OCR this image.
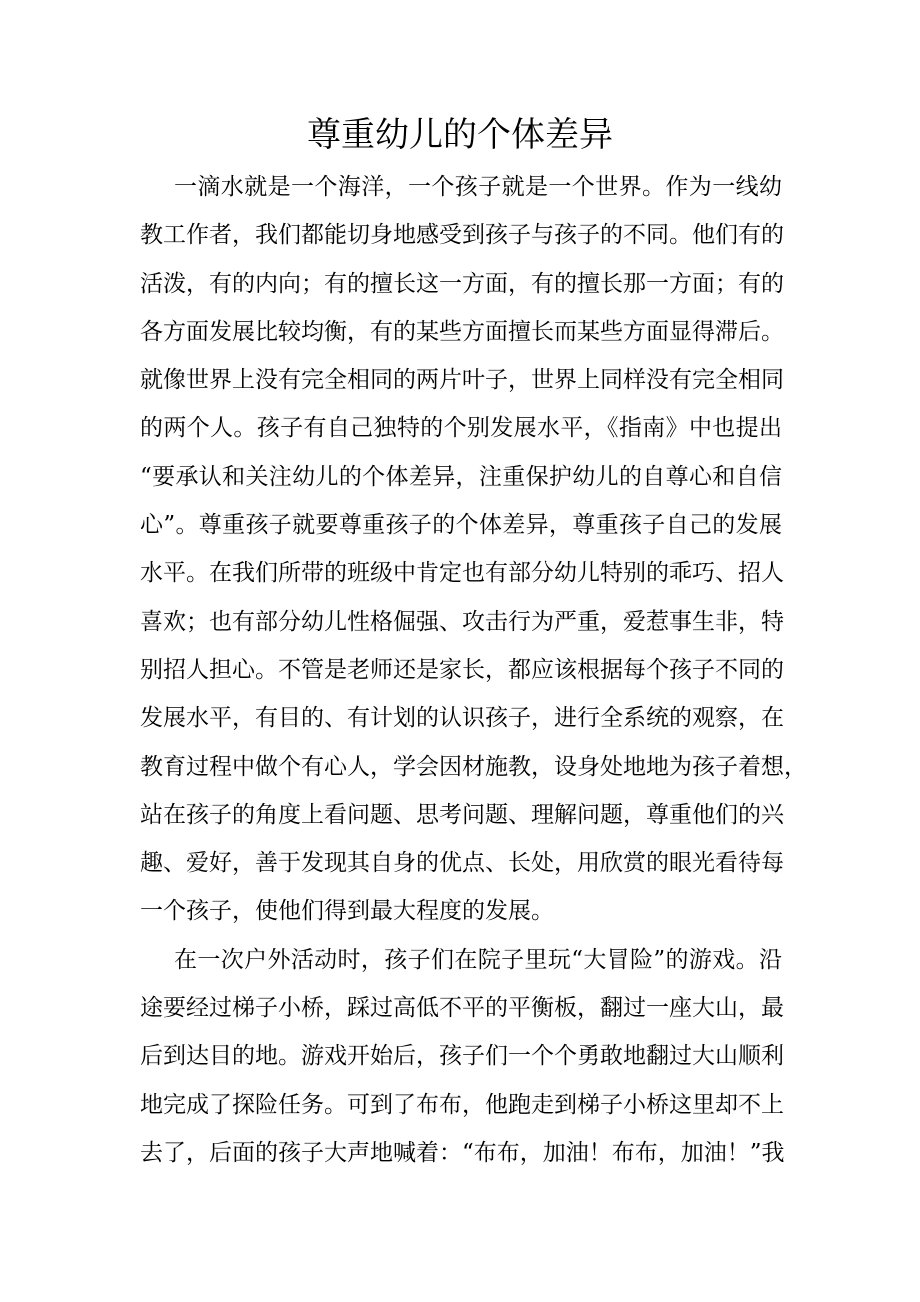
尊重幼儿的个体差异
一滴水就是一个海洋，一个孩子就是一个世界。作为一线幼
教工作者，我们都能切身地感受到孩子与孩子的不同。他们有的
活泼，有的内向；有的擅长这一方面，有的擅长那一方面；有的
各方面发展比较均衡，有的某些方面擅长而某些方面显得滞后。
就像世界上没有完全相同的两片叶子，世界上同样没有完全相同
的两个人。孩子有自己独特的个别发展水平，《指南》中也提出
“要承认和关注幼儿的个体差异，注重保护幼儿的自尊心和自信
心”。尊重孩子就要尊重孩子的个体差异，尊重孩子自己的发展
水平。在我们所带的班级中肯定也有部分幼儿特别的乖巧、招人
喜欢；也有部分幼儿性格倔强、攻击行为严重，爱惹事生非，特
别招人担心。不管是老师还是家长，都应该根据每个孩子不同的
发展水平，有目的、有计划的认识孩子，进行全系统的观察，在
教育过程中做个有心人，学会因材施教，设身处地地为孩子着想，
站在孩子的角度上看问题、思考问题、理解问题，尊重他们的兴
趣、爱好，善于发现其自身的优点、长处，用欣赏的眼光看待每
一个孩子，使他们得到最大程度的发展。
在一次户外活动时，孩子们在院子里玩“大冒险”的游戏。沿
途要经过梯子小桥，踩过高低不平的平衡板，翻过一座大山，最
后到达目的地。游戏开始后，孩子们一个个勇敢地翻过大山顺利
地完成了探险任务。可到了布布，他跑走到梯子小桥这里却不上
去了，后面的孩子大声地喊着：“布布，加油！布布，加油！”我
